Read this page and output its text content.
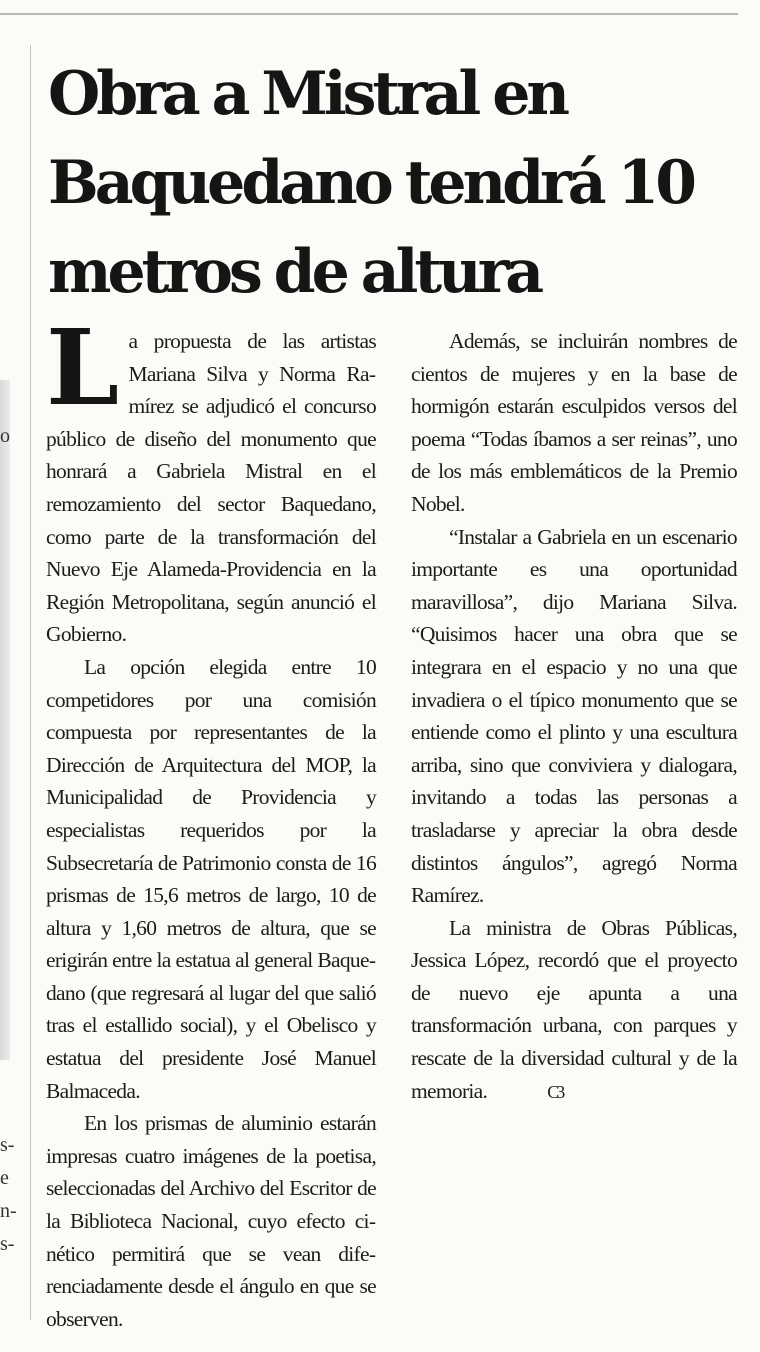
o
s-
e
n-
s-
Obra a Mistral en Baquedano tendrá 10 metros de altura

La propuesta de las artistas Mariana Silva y Norma Ramírez se adjudicó el concurso público de diseño del monumento que honrará a Gabriela Mistral en el remozamiento del sector Baquedano, como parte de la transformación del Nuevo Eje Alameda-Providencia en la Región Metropolitana, según anunció el Gobierno.

La opción elegida entre 10 competidores por una comisión compuesta por representantes de la Dirección de Arquitectura del MOP, la Municipalidad de Providencia y especialistas requeridos por la Subsecretaría de Patrimonio consta de 16 prismas de 15,6 metros de largo, 10 de altura y 1,60 metros de altura, que se erigirán entre la estatua al general Baquedano (que regresará al lugar del que salió tras el estallido social), y el Obelisco y estatua del presidente José Manuel Balmaceda.

En los prismas de aluminio estarán impresas cuatro imágenes de la poetisa, seleccionadas del Archivo del Escritor de la Biblioteca Nacional, cuyo efecto cinético permitirá que se vean diferenciadamente desde el ángulo en que se observen.

Además, se incluirán nombres de cientos de mujeres y en la base de hormigón estarán esculpidos versos del poema “Todas íbamos a ser reinas”, uno de los más emblemáticos de la Premio Nobel.

“Instalar a Gabriela en un escenario importante es una oportunidad maravillosa”, dijo Mariana Silva. “Quisimos hacer una obra que se integrara en el espacio y no una que invadiera o el típico monumento que se entiende como el plinto y una escultura arriba, sino que conviviera y dialogara, invitando a todas las personas a trasladarse y apreciar la obra desde distintos ángulos”, agregó Norma Ramírez.

La ministra de Obras Públicas, Jessica López, recordó que el proyecto de nuevo eje apunta a una transformación urbana, con parques y rescate de la diversidad cultural y de la memoria.	C3
